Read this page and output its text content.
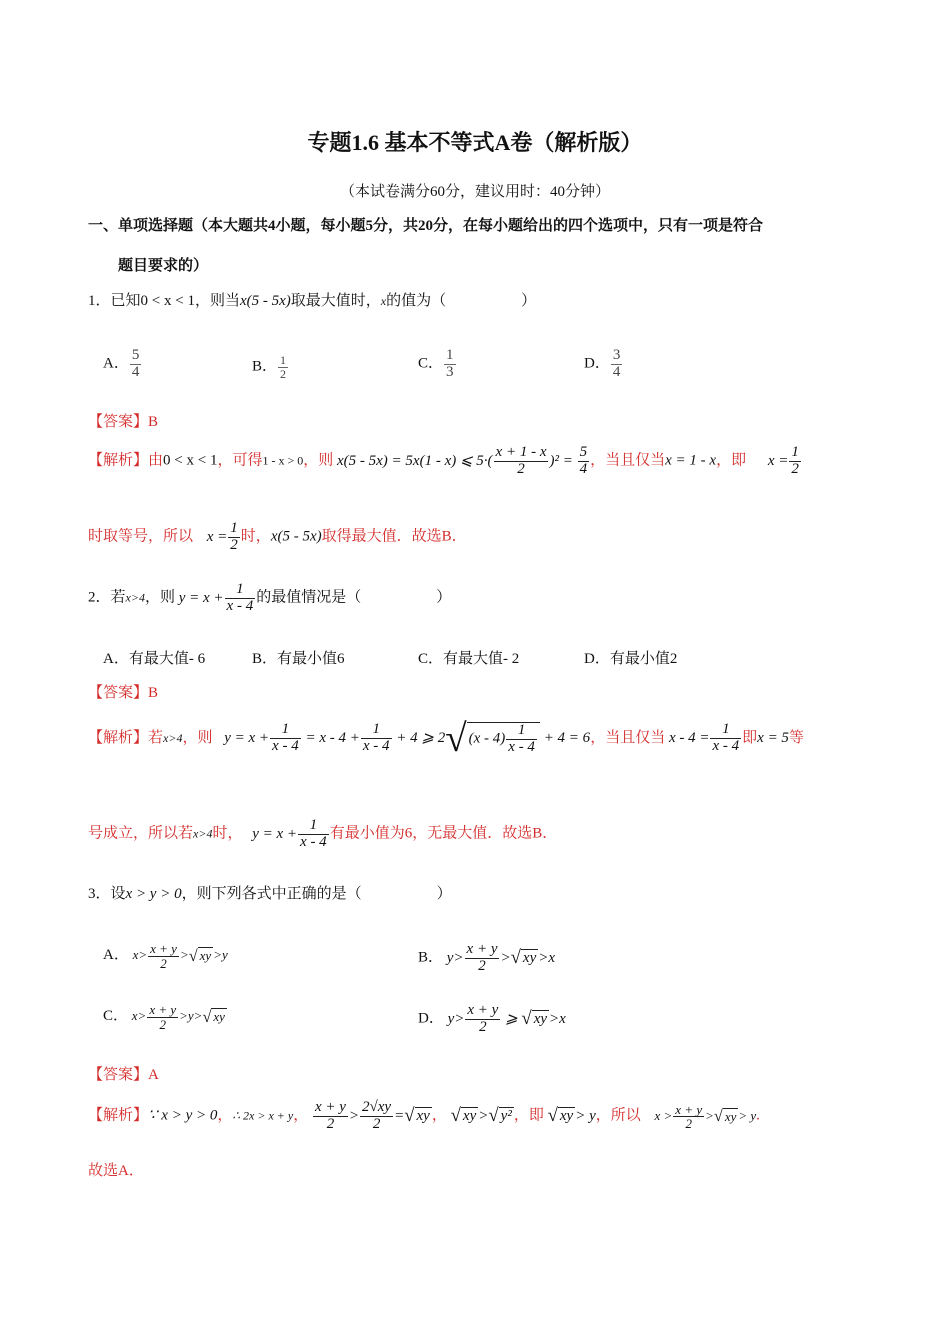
专题1.6 基本不等式A卷（解析版）
（本试卷满分60分，建议用时：40分钟）
一、单项选择题（本大题共4小题，每小题5分，共20分，在每小题给出的四个选项中，只有一项是符合
题目要求的）
1．已知0 < x < 1，则当x(5 - 5x)取最大值时，x的值为（　　　　　）
A． $\frac{5}{4}$	B． $\frac{1}{2}$	C． $\frac{1}{3}$	D． $\frac{3}{4}$
【答案】B
【解析】由0 < x < 1，可得1 - x > 0，则 x(5 - 5x) = 5x(1 - x) ⩽ $5\cdot( \frac{x + 1 - x}{2} )^2 = \frac{5}{4}$ ，当且仅当x = 1 - x，即 $x = \frac{1}{2}$
时取等号，所以 $x = \frac{1}{2}$ 时，x(5 - 5x)取得最大值．故选B．
2．若x>4，则 $y = x + \frac{1}{x - 4}$ 的最值情况是（　　　　　）
A．有最大值- 6	B．有最小值6	C．有最大值- 2	D．有最小值2
【答案】B
【解析】若x>4，则 $y = x + \frac{1}{x - 4} = x - 4 + \frac{1}{x - 4} + 4$ ⩾ 2√ $(x - 4) \frac{1}{x - 4} + 4 = 6$，当且仅当 $x - 4 = \frac{1}{x - 4}$ 即x = 5等
号成立，所以若x>4时， $y = x + \frac{1}{x - 4}$ 有最小值为6，无最大值．故选B．
3．设x > y > 0，则下列各式中正确的是（　　　　　）
A． $x> \frac{x + y}{2}$ >√ xy >y	B． $y> \frac{x + y}{2}$ >√ xy >x
C． $x> \frac{x + y}{2} >y>√$ xy	D． $y> \frac{x + y}{2}$ ⩾ √ xy >x
【答案】A
【解析】∵ x > y > 0，∴ 2x > x + y， $\frac{x + y}{2} > \frac{2√xy}{2}$ =√ xy ， √ xy >√ y² ，即 √ xy > y，所以 $x > \frac{x + y}{2}$ >√ xy > y.
故选A．
